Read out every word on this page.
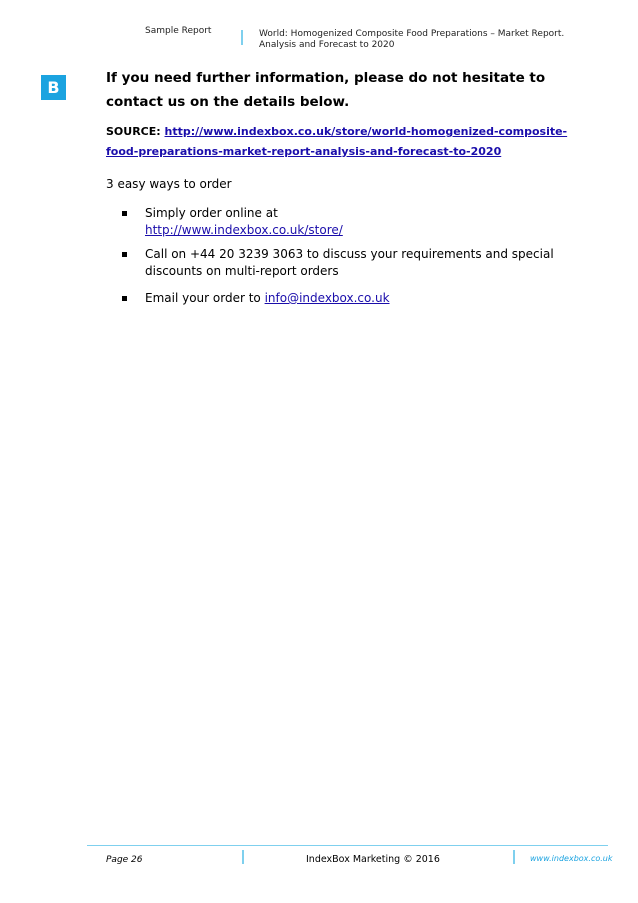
Sample Report	World: Homogenized Composite Food Preparations – Market Report.
Analysis and Forecast to 2020
B	If you need further information, please do not hesitate to contact us on the details below.
SOURCE: http://www.indexbox.co.uk/store/world-homogenized-composite-
food-preparations-market-report-analysis-and-forecast-to-2020
3 easy ways to order
Simply order online at
http://www.indexbox.co.uk/store/
Call on +44 20 3239 3063 to discuss your requirements and special discounts on multi-report orders
Email your order to info@indexbox.co.uk
Page 26	IndexBox Marketing © 2016	www.indexbox.co.uk
